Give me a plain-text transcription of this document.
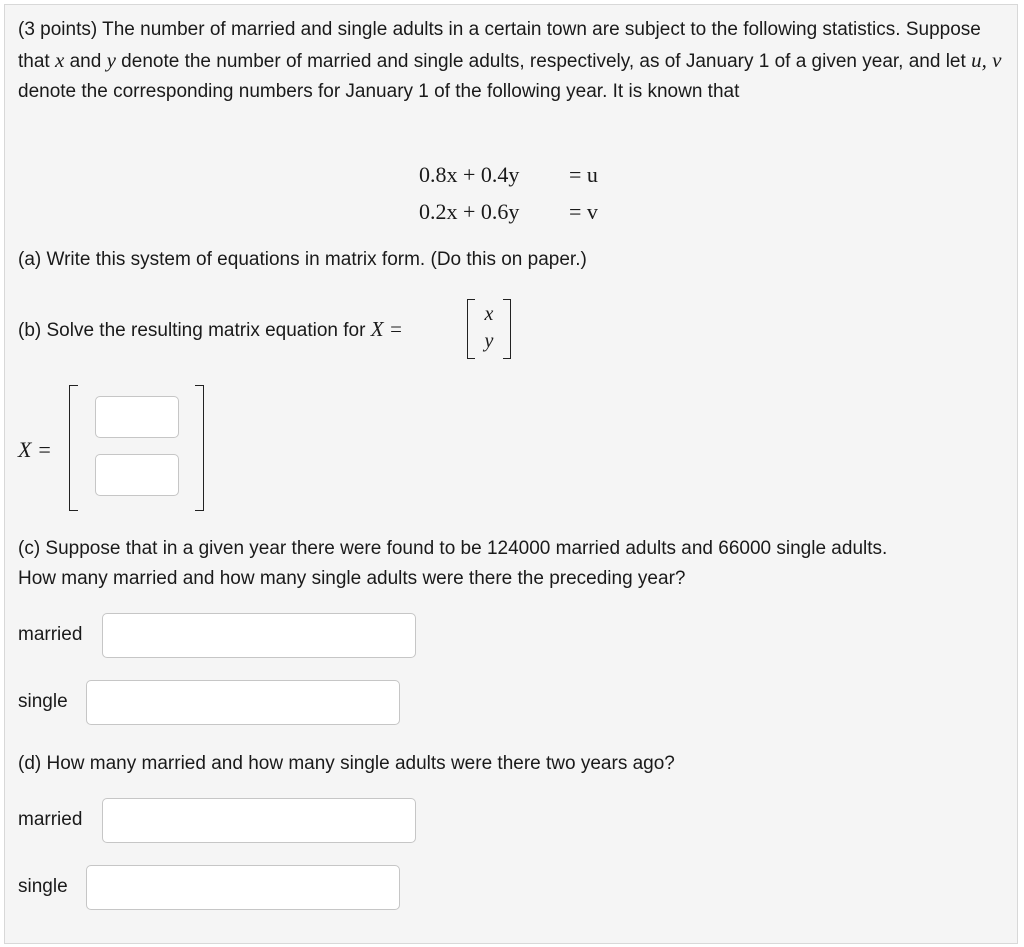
(3 points) The number of married and single adults in a certain town are subject to the following statistics. Suppose that x and y denote the number of married and single adults, respectively, as of January 1 of a given year, and let u, v denote the corresponding numbers for January 1 of the following year. It is known that

0.8x + 0.4y = u
0.2x + 0.6y = v
(a) Write this system of equations in matrix form. (Do this on paper.)
(b) Solve the resulting matrix equation for X =
x
y
X =
(c) Suppose that in a given year there were found to be 124000 married adults and 66000 single adults.
How many married and how many single adults were there the preceding year?
married
single
(d) How many married and how many single adults were there two years ago?
married
single
